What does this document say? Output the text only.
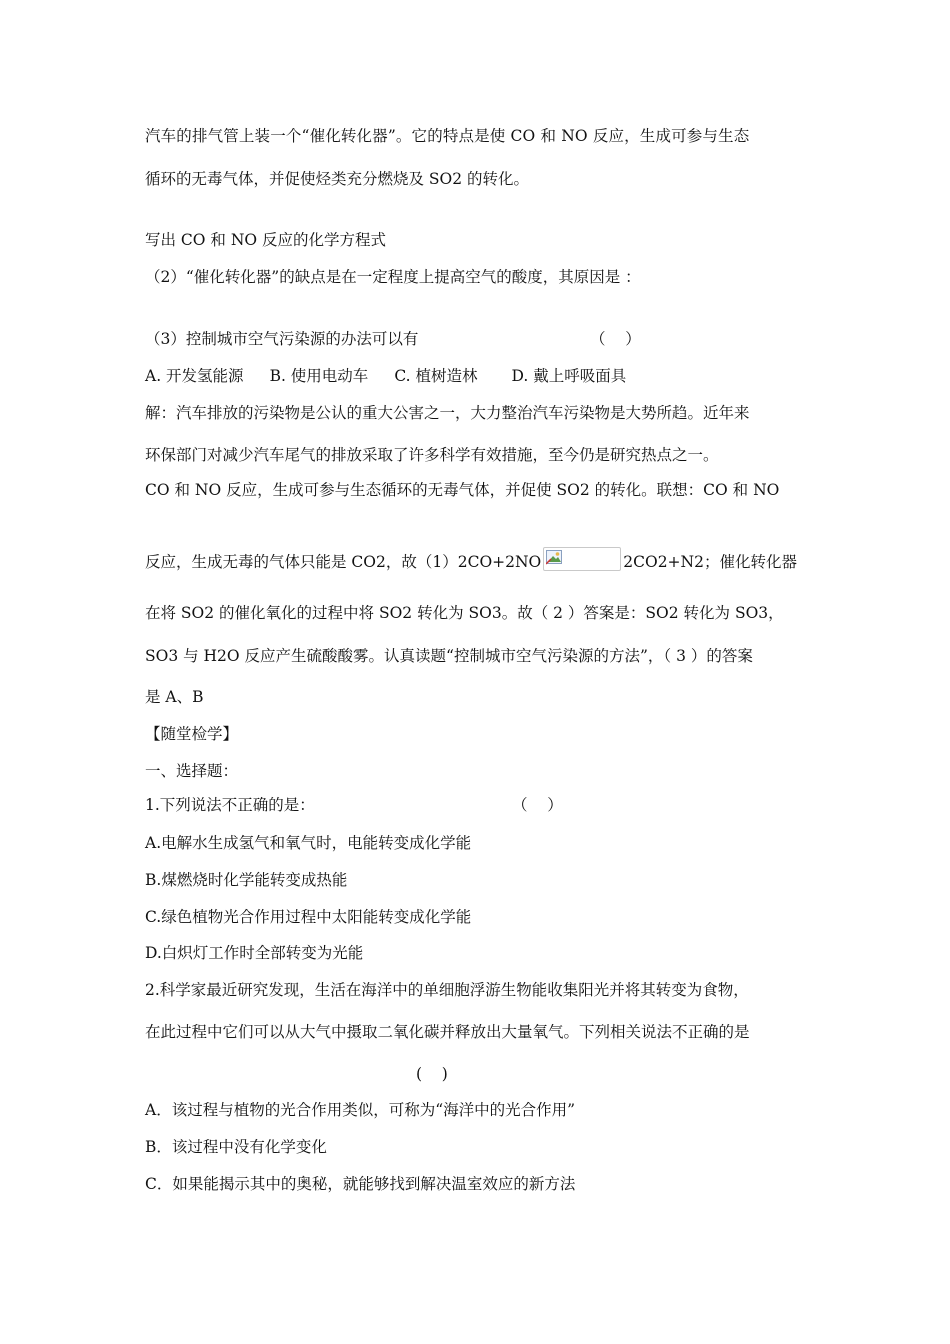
汽车的排气管上装一个“催化转化器”。它的特点是使 CO 和 NO 反应，生成可参与生态
循环的无毒气体，并促使烃类充分燃烧及 SO2 的转化。
写出 CO 和 NO 反应的化学方程式
（2）“催化转化器”的缺点是在一定程度上提高空气的酸度，其原因是 ：
（3）控制城市空气污染源的办法可以有	（    ）
A. 开发氢能源 B. 使用电动车 C. 植树造林 D. 戴上呼吸面具
解：汽车排放的污染物是公认的重大公害之一，大力整治汽车污染物是大势所趋。近年来
环保部门对减少汽车尾气的排放采取了许多科学有效措施，至今仍是研究热点之一。
CO 和 NO 反应，生成可参与生态循环的无毒气体，并促使 SO2 的转化。联想：CO 和 NO
反应，生成无毒的气体只能是 CO2，故（1）2CO+2NO	2CO2+N2；催化转化器
在将 SO2 的催化氧化的过程中将 SO2 转化为 SO3。故（ 2 ）答案是：SO2 转化为 SO3，
SO3 与 H2O 反应产生硫酸酸雾。认真读题“控制城市空气污染源的方法”，（ 3 ）的答案
是 A、B
【随堂检学】
一、选择题：
1.下列说法不正确的是：	（    ）
A.电解水生成氢气和氧气时，电能转变成化学能
B.煤燃烧时化学能转变成热能
C.绿色植物光合作用过程中太阳能转变成化学能
D.白炽灯工作时全部转变为光能
2.科学家最近研究发现，生活在海洋中的单细胞浮游生物能收集阳光并将其转变为食物，
在此过程中它们可以从大气中摄取二氧化碳并释放出大量氧气。下列相关说法不正确的是
(    )
A．该过程与植物的光合作用类似，可称为“海洋中的光合作用”
B．该过程中没有化学变化
C．如果能揭示其中的奥秘，就能够找到解决温室效应的新方法
